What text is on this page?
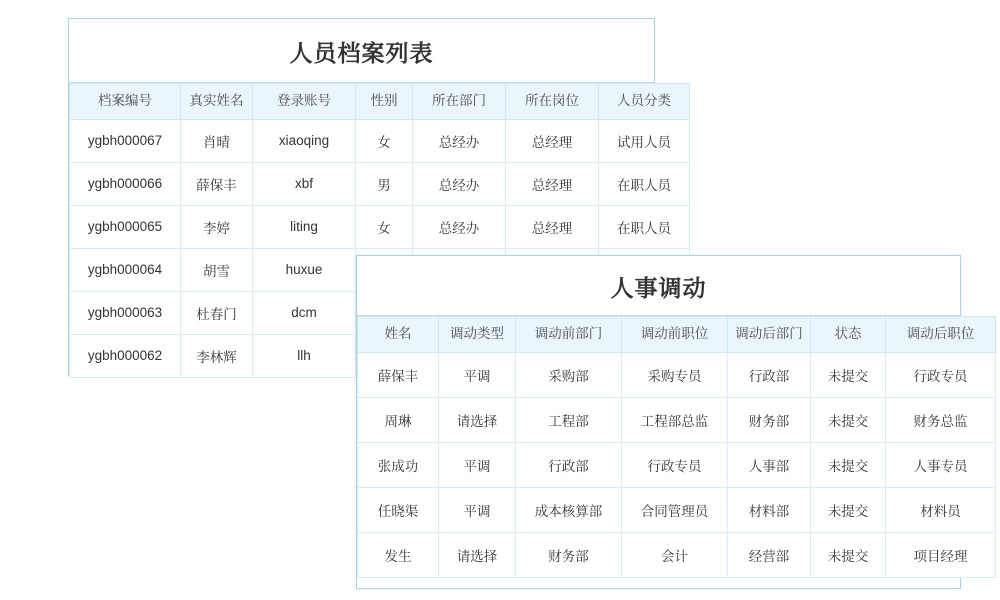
人员档案列表
档案编号	真实姓名	登录账号	性别	所在部门	所在岗位	人员分类
ygbh000067	肖晴	xiaoqing	女	总经办	总经理	试用人员
ygbh000066	薛保丰	xbf	男	总经办	总经理	在职人员
ygbh000065	李婷	liting	女	总经办	总经理	在职人员
ygbh000064	胡雪	huxue				
ygbh000063	杜春门	dcm				
ygbh000062	李林辉	llh				
人事调动
姓名	调动类型	调动前部门	调动前职位	调动后部门	状态	调动后职位
薛保丰	平调	采购部	采购专员	行政部	未提交	行政专员
周琳	请选择	工程部	工程部总监	财务部	未提交	财务总监
张成功	平调	行政部	行政专员	人事部	未提交	人事专员
任晓渠	平调	成本核算部	合同管理员	材料部	未提交	材料员
发生	请选择	财务部	会计	经营部	未提交	项目经理
